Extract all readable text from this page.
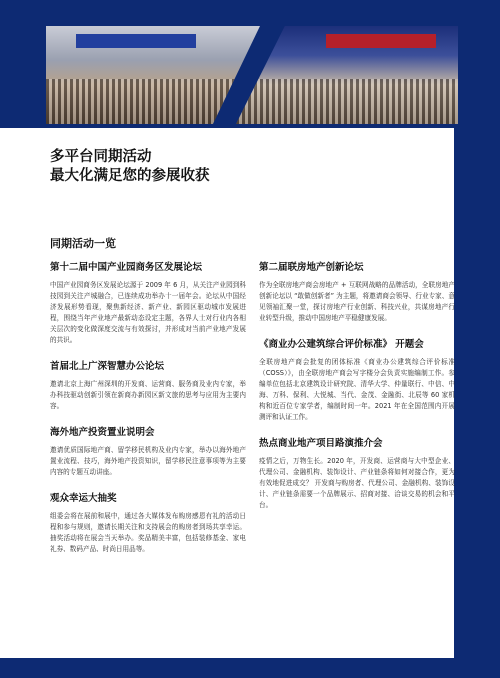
多平台同期活动
最大化满足您的参展收获
同期活动一览
第十二届中国产业园商务区发展论坛

中国产业园商务区发展论坛源于 2009 年 6 月，从关注产业园到科技园到关注产城融合，已连续成功举办十一届年会。论坛从中国经济发展形势看现，聚焦新经济、新产业、新园区驱动城市发展进程，围绕当年产业地产最新动态设定主题，各界人士对行业内各相关层次的变化做深度交流与有效探讨，并形成对当前产业地产发展的共识。

首届北上广深智慧办公论坛

邀请北京上海广州深圳的开发商、运营商、服务商及业内专家，举办科技驱动创新引领在新商办新园区新文旅的思考与应用为主要内容。

海外地产投资置业说明会

邀请优质国际地产商、留学移民机构及业内专家，举办以海外地产置业流程、技巧，海外地产投资知识，留学移民注意事项等为主要内容的专题互动讲座。

观众幸运大抽奖

组委会将在展前和展中，通过各大媒体发布购房感恩有礼的活动日程和参与规则，邀请长期关注和支持展会的购房者到场共享幸运。抽奖活动将在展会当天举办。奖品精美丰富，包括装修基金、家电礼券、数码产品、时尚日用品等。

第二届联房地产创新论坛

作为全联房地产商会房地产 + 互联网战略的品牌活动，全联房地产创新论坛以 “敢做创新者” 为主题，将邀请商会领导、行业专家、意见领袖汇聚一堂，探讨房地产行业创新、科技兴业，共谋房地产行业转型升级，推动中国房地产平稳健康发展。

《商业办公建筑综合评价标准》 开题会

全联房地产商会批复的团体标准《商业办公建筑综合评价标准（COSS）》，由全联房地产商会写字楼分会负责实施编制工作。参编单位包括北京建筑设计研究院、清华大学、仲量联行、中信、中海、万科、保利、大悦城、当代、金茂、金融街、北辰等 60 家机构和近百位专家学者，编制时间一年。2021 年在全国范围内开展测评和认证工作。

热点商业地产项目路演推介会

疫情之后，万物生长。2020 年，开发商、运营商与大中型企业、代理公司、金融机构、装饰设计、产业链条将如何对接合作，更为有效地促进成交？ 开发商与购房者、代理公司、金融机构、装饰设计、产业链条需要一个品牌展示、招商对接、洽谈交易的机会和平台。
